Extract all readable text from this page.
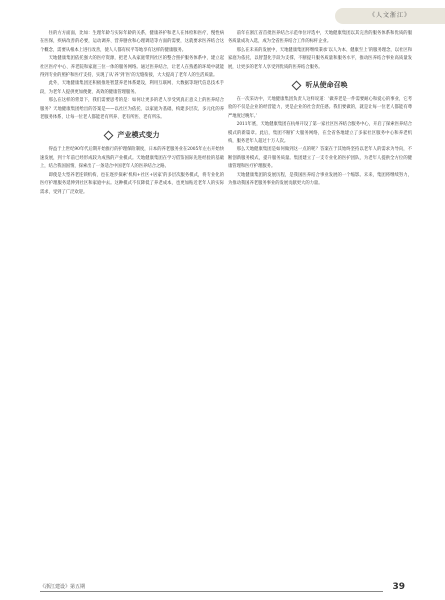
《人文浙江》

住的方方面面，比如：生理年龄与实际年龄的关系，健康养护和老人在体检和医疗，慢性病在医保，疾病改善的必要，运动调养、营养膳食和心理调适等方面的需要，这就要求医养结合这个概念，需要从根本上进行改善，使人人都有权平等地享有这样的健康服务。

天地健康集团依托强大的医疗资源，把老人从家庭带到社区的整合照护服务体系中，建立起社区医疗中心、养老院和家庭三位一体的服务网络。通过医养结合，让老人在熟悉的环境中就能得到专业的照护和医疗支持，实现了从‘养’到‘医’的无缝衔接，大大提高了老年人的生活质量。

此外，天地健康集团还积极推进智慧养老体系建设，利用互联网、大数据等现代信息技术手段，为老年人提供更加便捷、高效的健康管理服务。

那么在这样的背景下，我们需要思考的是：如何让更多的老人享受到真正意义上的医养结合服务？天地健康集团给出的答案是——以社区为依托、以家庭为基础，构建多层次、多元化的养老服务体系，让每一位老人都能老有所养、老有所医、老有所乐。

产业模式变力

得益于上世纪90年代后期开始推行的护理保险制度，日本的养老服务业在2005年左右开始快速发展，到十年前已经形成较为成熟的产业模式。天地健康集团在学习借鉴国际先进经验的基础上，结合我国国情，探索出了一条适合中国老年人的医养结合之路。

即使是大型养老连锁机构，也在逐步探索‘机构+社区+居家’的多层次服务模式，将专业化的医疗护理服务延伸到社区和家庭中去。这种模式不仅降低了养老成本，也更加贴近老年人的实际需求，受到了广泛欢迎。

前年在浙江省首批医养结合示范单位评选中，天地健康集团以其完善的服务体系和优质的服务质量成功入选，成为全省医养结合工作的标杆企业。

那么在未来的发展中，天地健康集团将继续秉承‘以人为本、健康至上’的服务理念，以社区和家庭为依托，以智慧化手段为支撑，不断提升服务质量和服务水平，推动医养结合事业高质量发展，让更多的老年人享受到优质的医养结合服务。

听从使命召唤

在一次采访中，天地健康集团负责人这样说道：‘做养老是一件需要耐心和爱心的事业，它考验的不仅是企业的经营能力，更是企业的社会责任感。我们要做的，就是让每一位老人都能有尊严地度过晚年。’

2011年底，天地健康集团在杭州开设了第一家社区医养结合服务中心，开启了探索医养结合模式的新篇章。此后，集团不断扩大服务网络，在全省各地建立了多家社区服务中心和养老机构，服务老年人超过十万人次。

那么天地健康集团是如何做到这一点的呢？答案在于其始终坚持以老年人的需求为导向，不断创新服务模式，提升服务质量。集团建立了一支专业化的医护团队，为老年人提供全方位的健康管理和医疗护理服务。

天地健康集团的发展历程，是我国医养结合事业发展的一个缩影。未来，集团将继续努力，为推动我国养老服务事业的发展贡献更大的力量。

《浙江建设》第五期	39
